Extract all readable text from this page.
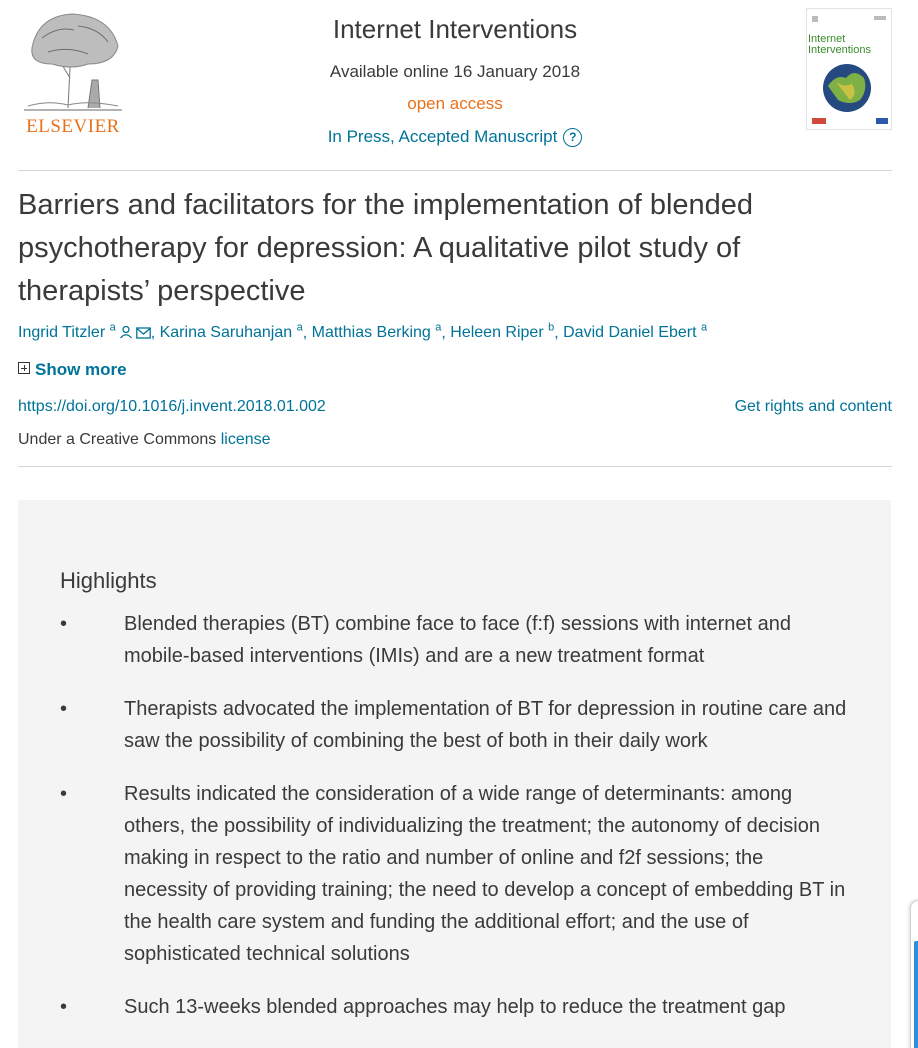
ELSEVIER
Internet Interventions
Available online 16 January 2018
open access
In Press, Accepted Manuscript ?
Internet
Interventions
Barriers and facilitators for the implementation of blended psychotherapy for depression: A qualitative pilot study of therapists’ perspective
Ingrid Titzler $^a$ , Karina Saruhanjan $^a$, Matthias Berking $^a$, Heleen Riper $^b$, David Daniel Ebert $^a$
Show more
https://doi.org/10.1016/j.invent.2018.01.002	Get rights and content
Under a Creative Commons license
Highlights
•	Blended therapies (BT) combine face to face (f:f) sessions with internet and mobile-based interventions (IMIs) and are a new treatment format
•	Therapists advocated the implementation of BT for depression in routine care and saw the possibility of combining the best of both in their daily work
•	Results indicated the consideration of a wide range of determinants: among others, the possibility of individualizing the treatment; the autonomy of decision making in respect to the ratio and number of online and f2f sessions; the necessity of providing training; the need to develop a concept of embedding BT in the health care system and funding the additional effort; and the use of sophisticated technical solutions
•	Such 13-weeks blended approaches may help to reduce the treatment gap
